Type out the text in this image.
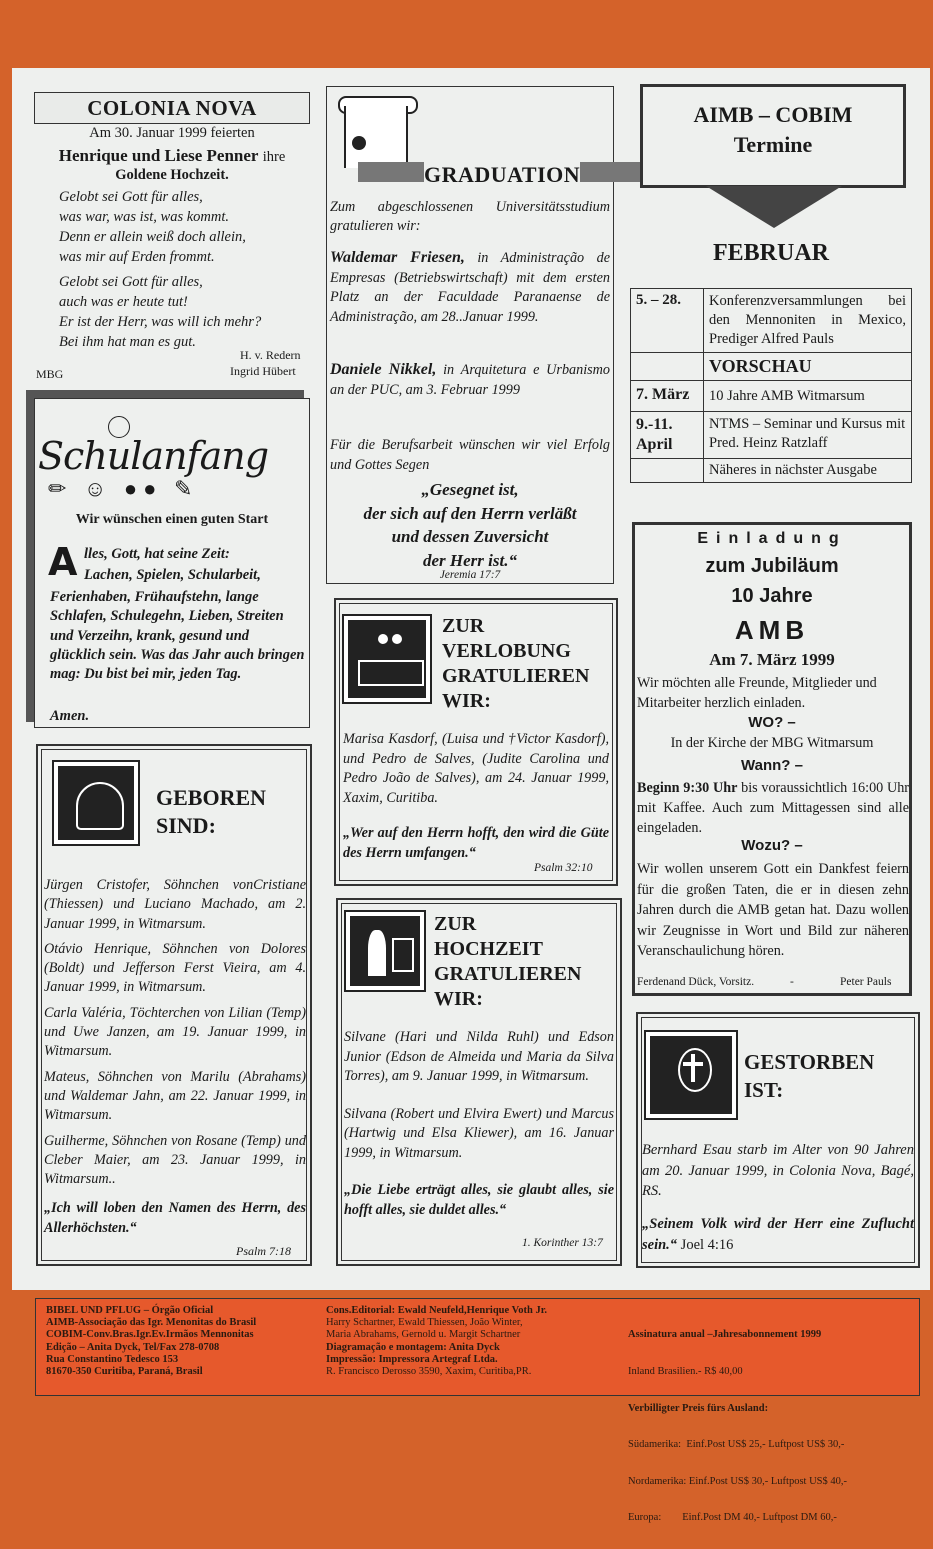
COLONIA NOVA
Am 30. Januar 1999 feierten
Henrique und Liese Penner ihre
Goldene Hochzeit.

Gelobt sei Gott für alles,

was war, was ist, was kommt.

Denn er allein weiß doch allein,

was mir auf Erden frommt.

Gelobt sei Gott für alles,

auch was er heute tut!

Er ist der Herr, was will ich mehr?

Bei ihm hat man es gut.

H. v. Redern
MBG	Ingrid Hübert
Schulanfang
✏ ☺ ●● ✎
Wir wünschen einen guten Start
A lles, Gott, hat seine Zeit:
Lachen, Spielen, Schularbeit,
Ferienhaben, Frühaufstehn, lange Schlafen, Schulegehn, Lieben, Streiten und Verzeihn, krank, gesund und glücklich sein. Was das Jahr auch bringen mag: Du bist bei mir, jeden Tag.
Amen.

GEBOREN

SIND:

Jürgen Cristofer, Söhnchen vonCristiane (Thiessen) und Luciano Machado, am 2. Januar 1999, in Witmarsum.

Otávio Henrique, Söhnchen von Dolores (Boldt) und Jefferson Ferst Vieira, am 4. Januar 1999, in Witmarsum.

Carla Valéria, Töchterchen von Lilian (Temp) und Uwe Janzen, am 19. Januar 1999, in Witmarsum.

Mateus, Söhnchen von Marilu (Abrahams) und Waldemar Jahn, am 22. Januar 1999, in Witmarsum.

Guilherme, Söhnchen von Rosane (Temp) und Cleber Maier, am 23. Januar 1999, in Witmarsum..

„Ich will loben den Namen des Herrn, des Allerhöchsten.“

Psalm 7:18
GRADUATION
Zum abgeschlossenen Universitätsstudium gratulieren wir:
Waldemar Friesen, in Administração de Empresas (Betriebswirtschaft) mit dem ersten Platz an der Faculdade Paranaense de Administração, am 28..Januar 1999.
Daniele Nikkel, in Arquitetura e Urbanismo an der PUC, am 3. Februar 1999
Für die Berufsarbeit wünschen wir viel Erfolg und Gottes Segen

„Gesegnet ist,

der sich auf den Herrn verläßt

und dessen Zuversicht

der Herr ist.“

Jeremia 17:7

ZUR

VERLOBUNG

GRATULIEREN

WIR:

Marisa Kasdorf, (Luisa und †Victor Kasdorf), und Pedro de Salves, (Judite Carolina und Pedro João de Salves), am 24. Januar 1999, Xaxim, Curitiba.
„Wer auf den Herrn hofft, den wird die Güte des Herrn umfangen.“
Psalm 32:10

ZUR

HOCHZEIT

GRATULIEREN

WIR:

Silvane (Hari und Nilda Ruhl) und Edson Junior (Edson de Almeida und Maria da Silva Torres), am 9. Januar 1999, in Witmarsum.

Silvana (Robert und Elvira Ewert) und Marcus (Hartwig und Elsa Kliewer), am 16. Januar 1999, in Witmarsum.

„Die Liebe erträgt alles, sie glaubt alles, sie hofft alles, sie duldet alles.“

1. Korinther 13:7
AIMB – COBIM
Termine
FEBRUAR
5. – 28.	Konferenzversammlungen bei den Mennoniten in Mexico, Prediger Alfred Pauls
	VORSCHAU
7. März	10 Jahre AMB Witmarsum
9.-11. April	NTMS – Seminar und Kursus mit Pred. Heinz Ratzlaff
	Näheres in nächster Ausgabe
Einladung
zum Jubiläum
10 Jahre
AMB
Am 7. März 1999
Wir möchten alle Freunde, Mitglieder und Mitarbeiter herzlich einladen.
WO? –
In der Kirche der MBG Witmarsum
Wann? –
Beginn 9:30 Uhr bis voraussichtlich 16:00 Uhr mit Kaffee. Auch zum Mittagessen sind alle eingeladen.
Wozu? –
Wir wollen unserem Gott ein Dankfest feiern für die großen Taten, die er in diesen zehn Jahren durch die AMB getan hat. Dazu wollen wir Zeugnisse in Wort und Bild zur näheren Veranschaulichung hören.
Ferdenand Dück, Vorsitz.	-	Peter Pauls

GESTORBEN

IST:

Bernhard Esau starb im Alter von 90 Jahren am 20. Januar 1999, in Colonia Nova, Bagé, RS.
„Seinem Volk wird der Herr eine Zuflucht sein.“ Joel 4:16

BIBEL UND PFLUG – Órgão Oficial

AIMB-Associação das Igr. Menonitas do Brasil

COBIM-Conv.Bras.Igr.Ev.Irmãos Mennonitas

Edição – Anita Dyck, Tel/Fax 278-0708

Rua Constantino Tedesco 153

81670-350 Curitiba, Paraná, Brasil

Cons.Editorial: Ewald Neufeld,Henrique Voth Jr.

Harry Schartner, Ewald Thiessen, João Winter,

Maria Abrahams, Gernold u. Margit Schartner

Diagramação e montagem: Anita Dyck

Impressão: Impressora Artegraf Ltda.

R. Francisco Derosso 3590, Xaxim, Curitiba,PR.

Assinatura anual –Jahresabonnement 1999

Inland Brasilien.- R$ 40,00

Verbilligter Preis fürs Ausland:

Südamerika:  Einf.Post US$ 25,- Luftpost US$ 30,-

Nordamerika: Einf.Post US$ 30,- Luftpost US$ 40,-

Europa:        Einf.Post DM 40,- Luftpost DM 60,-
